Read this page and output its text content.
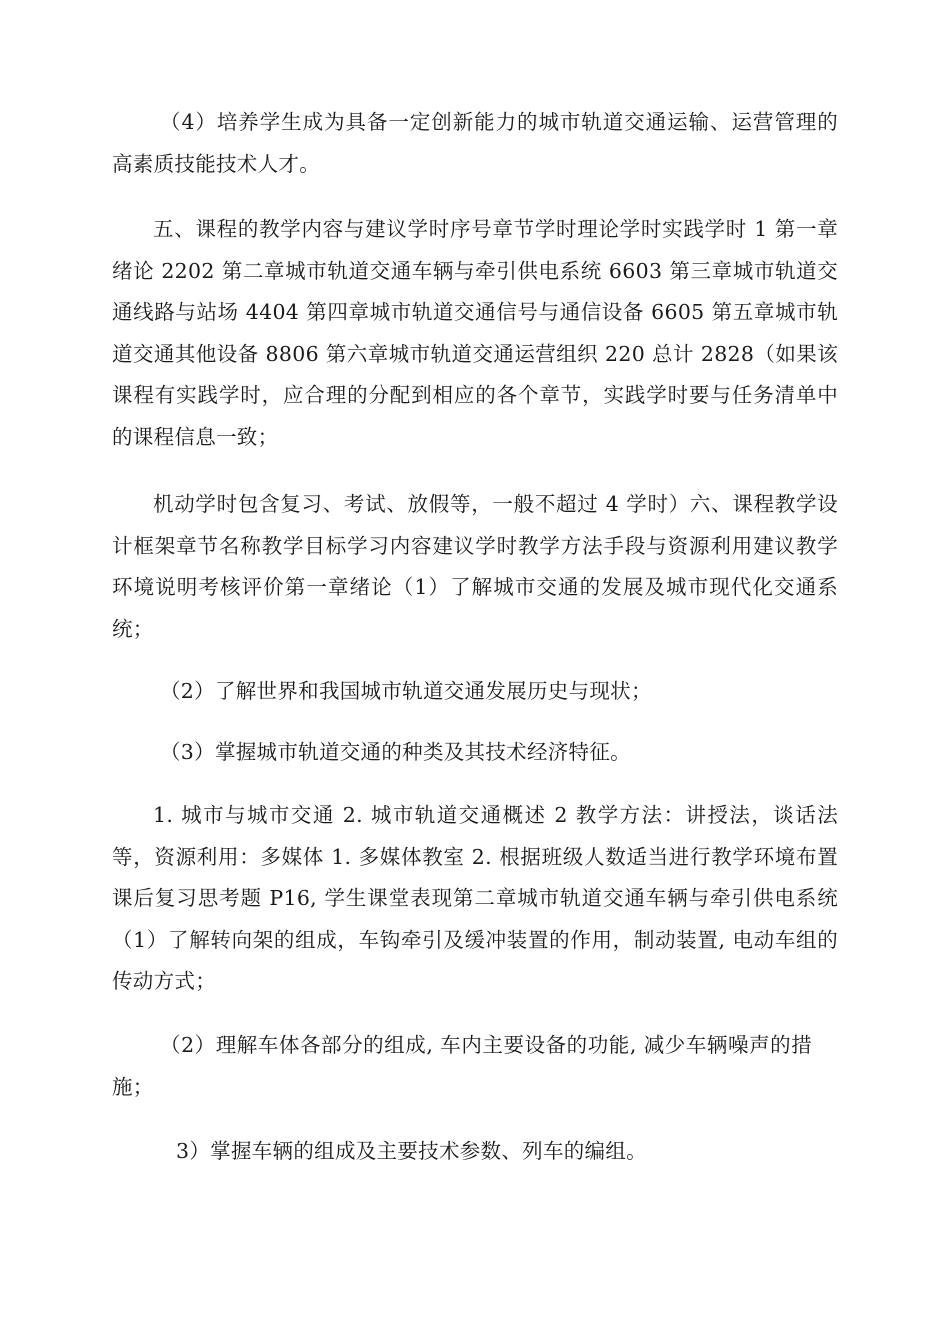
（4）培养学生成为具备一定创新能力的城市轨道交通运输、运营管理的高素质技能技术人才。

五、课程的教学内容与建议学时序号章节学时理论学时实践学时 1 第一章绪论 2202 第二章城市轨道交通车辆与牵引供电系统 6603 第三章城市轨道交通线路与站场 4404 第四章城市轨道交通信号与通信设备 6605 第五章城市轨道交通其他设备 8806 第六章城市轨道交通运营组织 220 总计 2828（如果该课程有实践学时，应合理的分配到相应的各个章节，实践学时要与任务清单中的课程信息一致；

机动学时包含复习、考试、放假等，一般不超过 4 学时）六、课程教学设计框架章节名称教学目标学习内容建议学时教学方法手段与资源利用建议教学环境说明考核评价第一章绪论（1）了解城市交通的发展及城市现代化交通系统；

（2）了解世界和我国城市轨道交通发展历史与现状；

（3）掌握城市轨道交通的种类及其技术经济特征。

1. 城市与城市交通 2. 城市轨道交通概述 2 教学方法：讲授法，谈话法等，资源利用：多媒体 1. 多媒体教室 2. 根据班级人数适当进行教学环境布置课后复习思考题 P16, 学生课堂表现第二章城市轨道交通车辆与牵引供电系统（1）了解转向架的组成，车钩牵引及缓冲装置的作用，制动装置, 电动车组的传动方式；

（2）理解车体各部分的组成, 车内主要设备的功能, 减少车辆噪声的措施；

3）掌握车辆的组成及主要技术参数、列车的编组。
